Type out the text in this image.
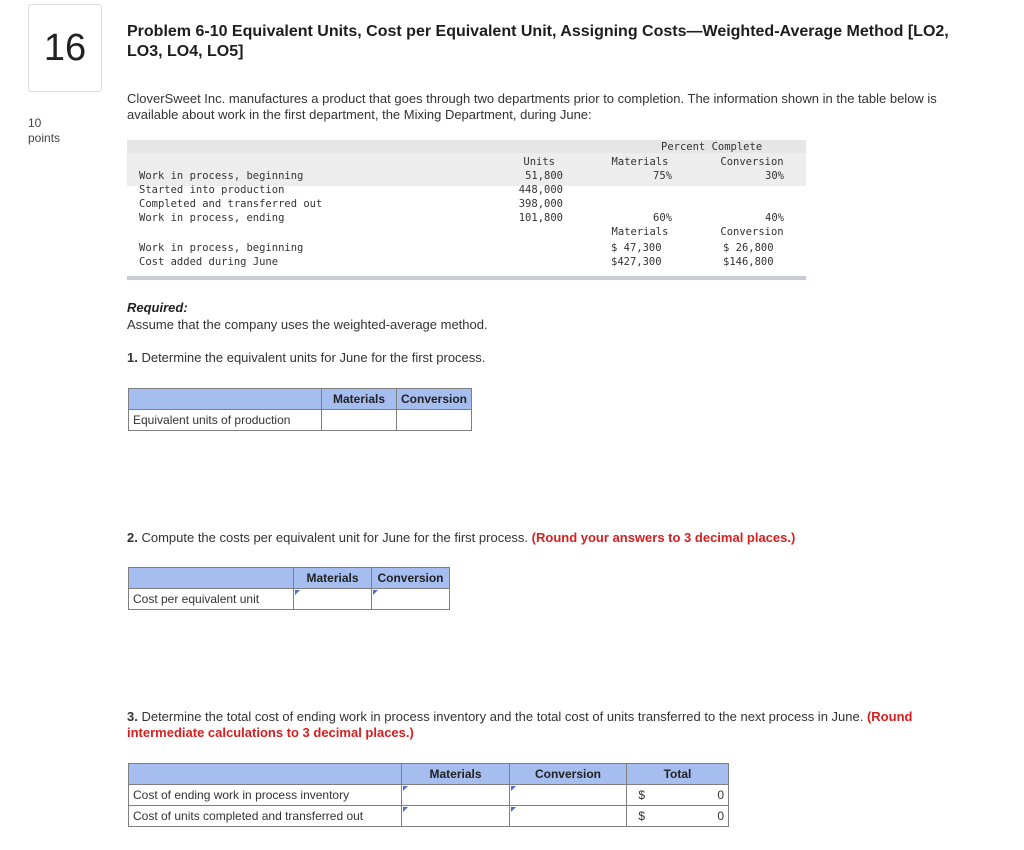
16
10
points
Problem 6-10 Equivalent Units, Cost per Equivalent Unit, Assigning Costs—Weighted-Average Method [LO2, LO3, LO4, LO5]
CloverSweet Inc. manufactures a product that goes through two departments prior to completion. The information shown in the table below is available about work in the first department, the Mixing Department, during June:
Percent Complete
Units	Materials	Conversion
Work in process, beginning	51,800	75%	30%
Started into production	448,000
Completed and transferred out	398,000
Work in process, ending	101,800	60%	40%
Materials	Conversion
Work in process, beginning	$ 47,300	$ 26,800
Cost added during June	$427,300	$146,800
Required:
Assume that the company uses the weighted-average method.
1. Determine the equivalent units for June for the first process.
2. Compute the costs per equivalent unit for June for the first process. (Round your answers to 3 decimal places.)
3. Determine the total cost of ending work in process inventory and the total cost of units transferred to the next process in June. (Round intermediate calculations to 3 decimal places.)
	Materials	Conversion
Equivalent units of production		
	Materials	Conversion
Cost per equivalent unit	

	Materials	Conversion	Total	
Cost of ending work in process inventory			$	0
Cost of units completed and transferred out			$	0
